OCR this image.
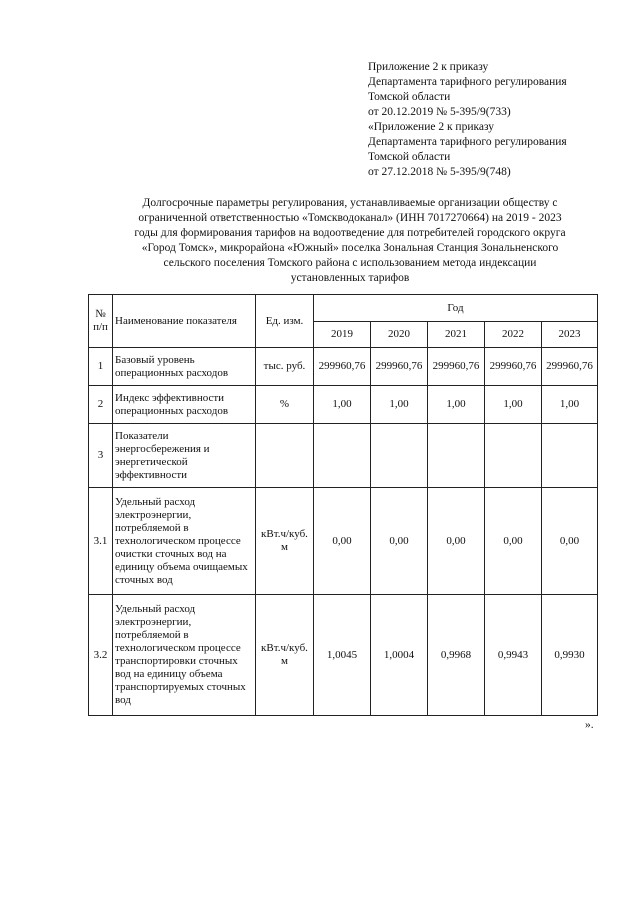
Приложение 2 к приказу
Департамента тарифного регулирования
Томской области
от 20.12.2019 № 5-395/9(733)
«Приложение 2 к приказу
Департамента тарифного регулирования
Томской области
от 27.12.2018 № 5-395/9(748)
Долгосрочные параметры регулирования, устанавливаемые организации обществу с
ограниченной ответственностью «Томскводоканал» (ИНН 7017270664) на 2019 - 2023
годы для формирования тарифов на водоотведение для потребителей городского округа
«Город Томск», микрорайона «Южный» поселка Зональная Станция Зональненского
сельского поселения Томского района с использованием метода индексации
установленных тарифов
№ п/п	Наименование показателя	Ед. изм.	Год				
			2019	2020	2021	2022	2023
1	Базовый уровень операционных расходов	тыс. руб.	299960,76	299960,76	299960,76	299960,76	299960,76
2	Индекс эффективности операционных расходов	%	1,00	1,00	1,00	1,00	1,00
3	Показатели энергосбережения и энергетической эффективности						
3.1	Удельный расход электроэнергии, потребляемой в технологическом процессе очистки сточных вод на единицу объема очищаемых сточных вод	кВт.ч/куб. м	0,00	0,00	0,00	0,00	0,00
3.2	Удельный расход электроэнергии, потребляемой в технологическом процессе транспортировки сточных вод на единицу объема транспортируемых сточных вод	кВт.ч/куб. м	1,0045	1,0004	0,9968	0,9943	0,9930
».
